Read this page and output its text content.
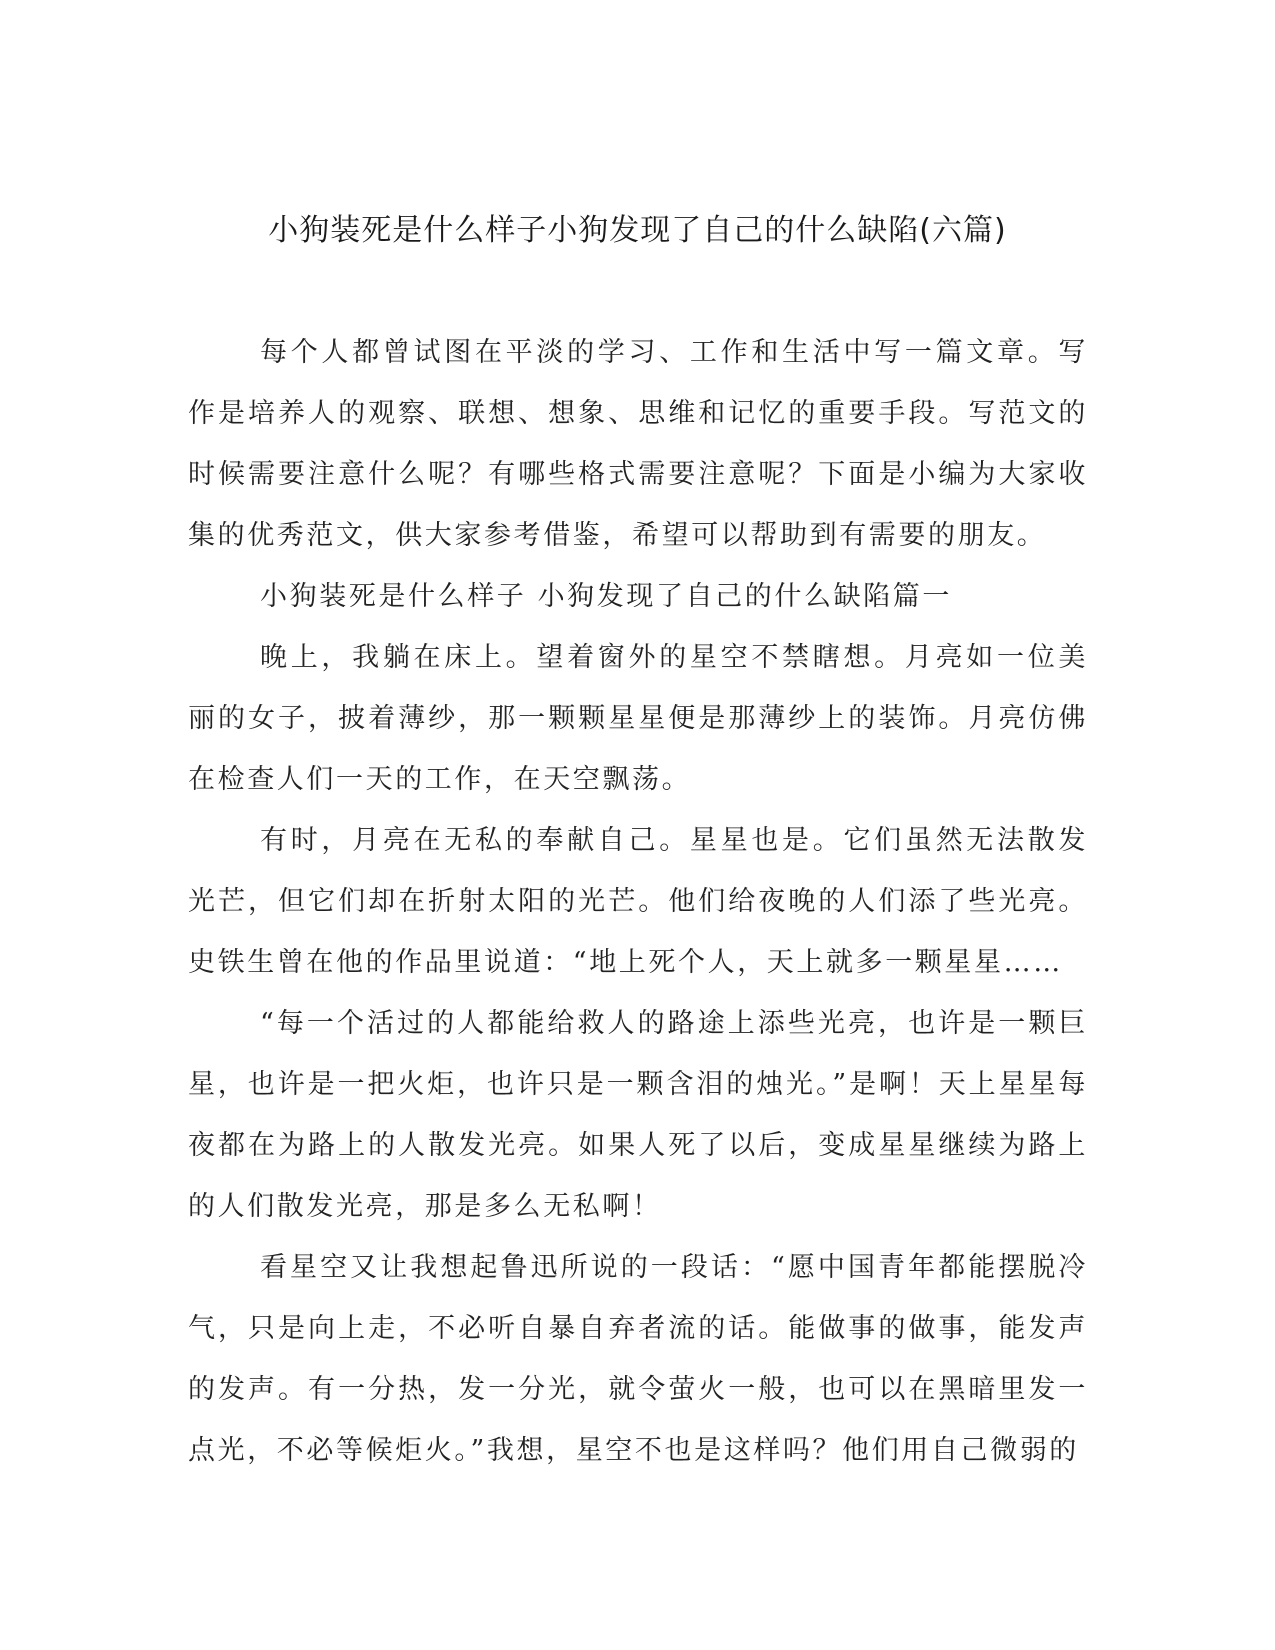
小狗装死是什么样子小狗发现了自己的什么缺陷(六篇)

每个人都曾试图在平淡的学习、工作和生活中写一篇文章。写作是培养人的观察、联想、想象、思维和记忆的重要手段。写范文的时候需要注意什么呢？有哪些格式需要注意呢？下面是小编为大家收集的优秀范文，供大家参考借鉴，希望可以帮助到有需要的朋友。

小狗装死是什么样子 小狗发现了自己的什么缺陷篇一

晚上，我躺在床上。望着窗外的星空不禁瞎想。月亮如一位美丽的女子，披着薄纱，那一颗颗星星便是那薄纱上的装饰。月亮仿佛在检查人们一天的工作，在天空飘荡。

有时，月亮在无私的奉献自己。星星也是。它们虽然无法散发光芒，但它们却在折射太阳的光芒。他们给夜晚的人们添了些光亮。史铁生曾在他的作品里说道：“地上死个人，天上就多一颗星星……

“每一个活过的人都能给救人的路途上添些光亮，也许是一颗巨星，也许是一把火炬，也许只是一颗含泪的烛光。”是啊！天上星星每夜都在为路上的人散发光亮。如果人死了以后，变成星星继续为路上的人们散发光亮，那是多么无私啊！

看星空又让我想起鲁迅所说的一段话：“愿中国青年都能摆脱冷气，只是向上走，不必听自暴自弃者流的话。能做事的做事，能发声的发声。有一分热，发一分光，就令萤火一般，也可以在黑暗里发一点光，不必等候炬火。”我想，星空不也是这样吗？他们用自己微弱的
